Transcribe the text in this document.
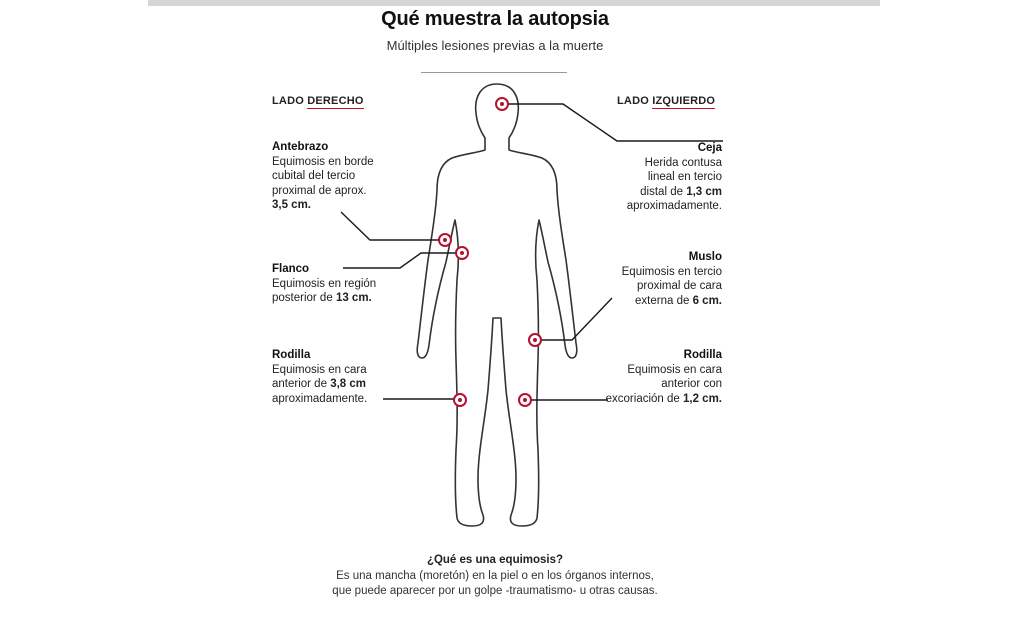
Qué muestra la autopsia
Múltiples lesiones previas a la muerte
LADO DERECHO	LADO IZQUIERDO
Antebrazo
Equimosis en borde
cubital del tercio
proximal de aprox.
3,5 cm.
Flanco
Equimosis en región
posterior de 13 cm.
Rodilla
Equimosis en cara
anterior de 3,8 cm
aproximadamente.
Ceja
Herida contusa
lineal en tercio
distal de 1,3 cm
aproximadamente.
Muslo
Equimosis en tercio
proximal de cara
externa de 6 cm.
Rodilla
Equimosis en cara
anterior con
excoriación de 1,2 cm.
¿Qué es una equimosis?
Es una mancha (moretón) en la piel o en los órganos internos,
que puede aparecer por un golpe -traumatismo- u otras causas.
